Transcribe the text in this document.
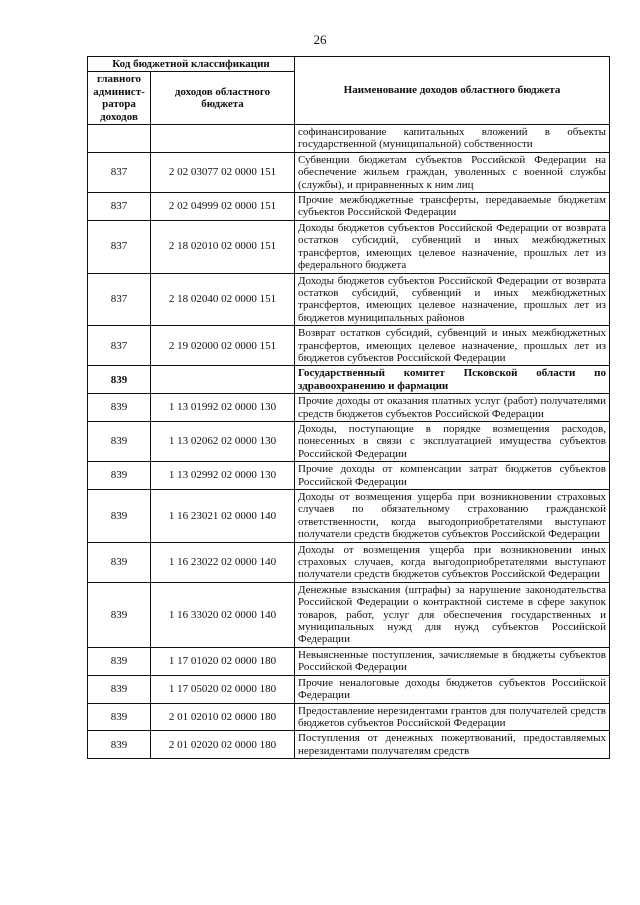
26
Код бюджетной классификации		Наименование доходов областного бюджета
главного админист-ратора доходов	доходов областного бюджета	
		софинансирование капитальных вложений в объекты государственной (муниципальной) собственности
837	2 02 03077 02 0000 151	Субвенции бюджетам субъектов Российской Федерации на обеспечение жильем граждан, уволенных с военной службы (службы), и приравненных к ним лиц
837	2 02 04999 02 0000 151	Прочие межбюджетные трансферты, передаваемые бюджетам субъектов Российской Федерации
837	2 18 02010 02 0000 151	Доходы бюджетов субъектов Российской Федерации от возврата остатков субсидий, субвенций и иных межбюджетных трансфертов, имеющих целевое назначение, прошлых лет из федерального бюджета
837	2 18 02040 02 0000 151	Доходы бюджетов субъектов Российской Федерации от возврата остатков субсидий, субвенций и иных межбюджетных трансфертов, имеющих целевое назначение, прошлых лет из бюджетов муниципальных районов
837	2 19 02000 02 0000 151	Возврат остатков субсидий, субвенций и иных межбюджетных трансфертов, имеющих целевое назначение, прошлых лет из бюджетов субъектов Российской Федерации
839		Государственный комитет Псковской области по здравоохранению и фармации
839	1 13 01992 02 0000 130	Прочие доходы от оказания платных услуг (работ) получателями средств бюджетов субъектов Российской Федерации
839	1 13 02062 02 0000 130	Доходы, поступающие в порядке возмещения расходов, понесенных в связи с эксплуатацией имущества субъектов Российской Федерации
839	1 13 02992 02 0000 130	Прочие доходы от компенсации затрат бюджетов субъектов Российской Федерации
839	1 16 23021 02 0000 140	Доходы от возмещения ущерба при возникновении страховых случаев по обязательному страхованию гражданской ответственности, когда выгодоприобретателями выступают получатели средств бюджетов субъектов Российской Федерации
839	1 16 23022 02 0000 140	Доходы от возмещения ущерба при возникновении иных страховых случаев, когда выгодоприобретателями выступают получатели средств бюджетов субъектов Российской Федерации
839	1 16 33020 02 0000 140	Денежные взыскания (штрафы) за нарушение законодательства Российской Федерации о контрактной системе в сфере закупок товаров, работ, услуг для обеспечения государственных и муниципальных нужд для нужд субъектов Российской Федерации
839	1 17 01020 02 0000 180	Невыясненные поступления, зачисляемые в бюджеты субъектов Российской Федерации
839	1 17 05020 02 0000 180	Прочие неналоговые доходы бюджетов субъектов Российской Федерации
839	2 01 02010 02 0000 180	Предоставление нерезидентами грантов для получателей средств бюджетов субъектов Российской Федерации
839	2 01 02020 02 0000 180	Поступления от денежных пожертвований, предоставляемых нерезидентами получателям средств
